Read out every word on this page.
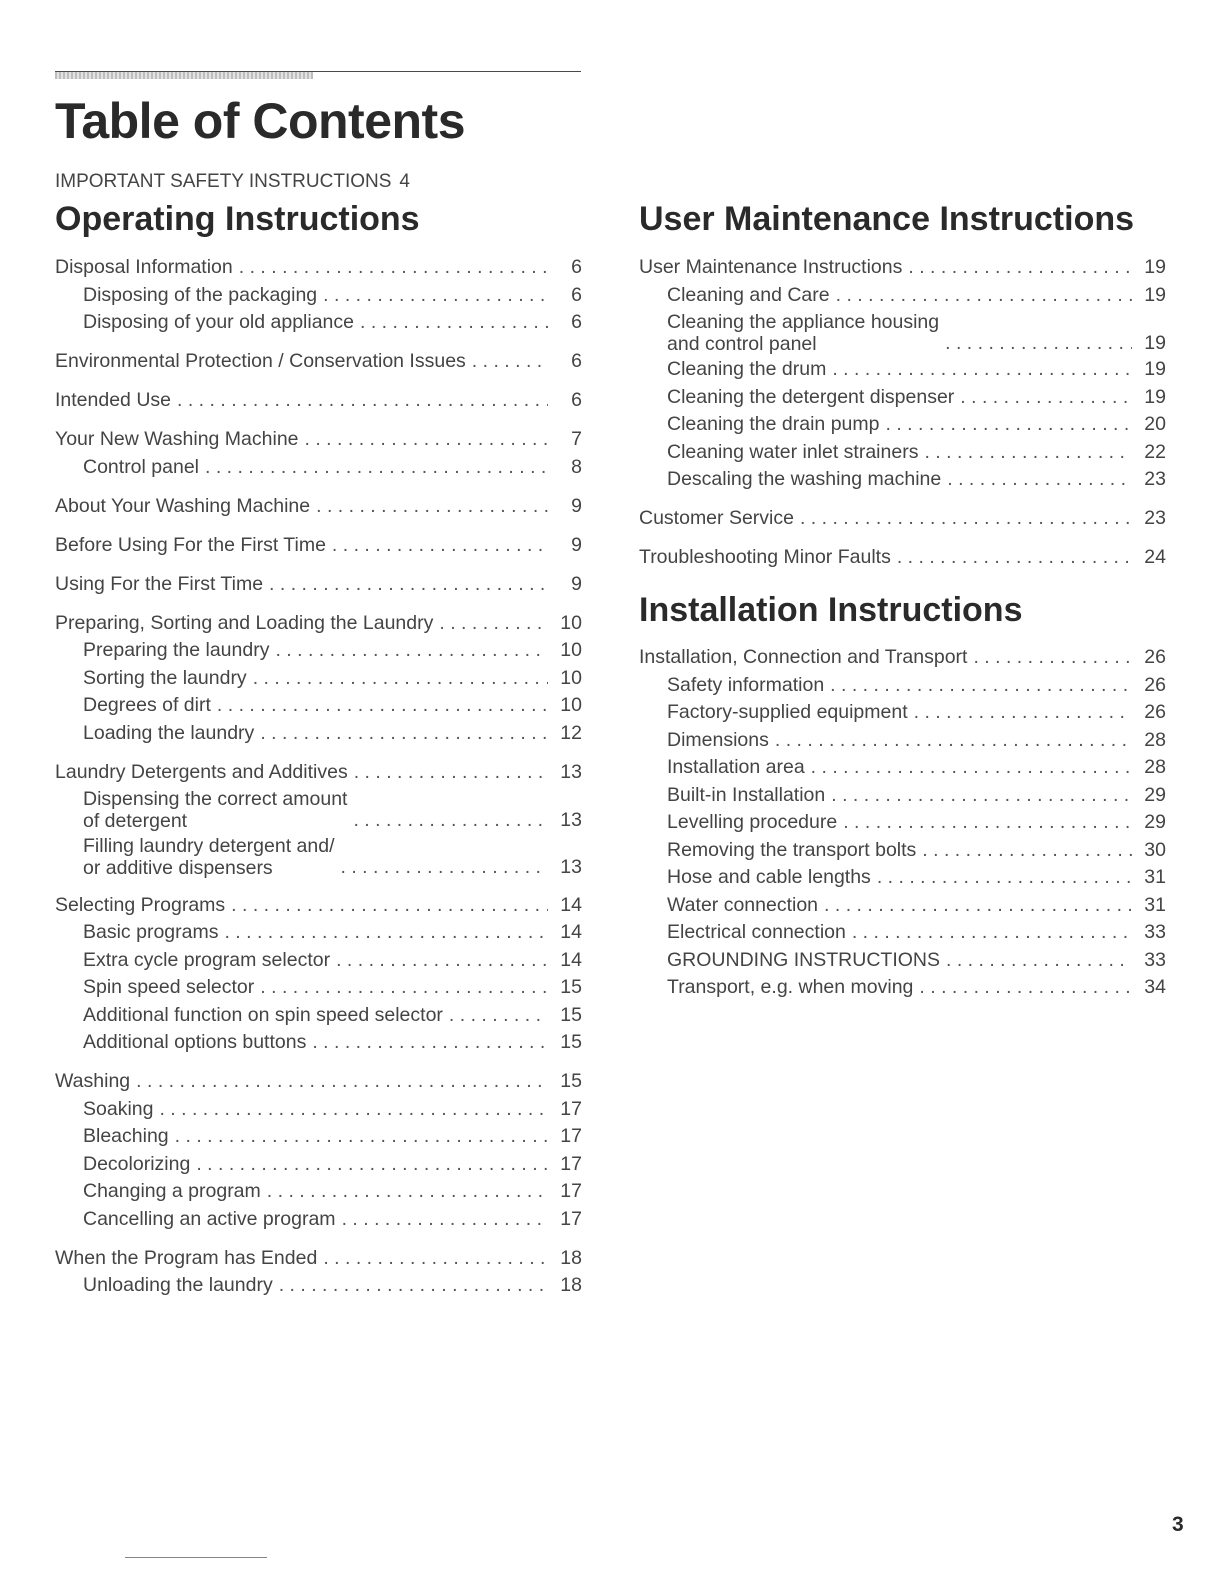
Table of Contents
IMPORTANT SAFETY INSTRUCTIONS 4
Operating Instructions	User Maintenance Instructions
Installation Instructions
Disposal Information . . .	6
Disposing of the packaging . . .	6
Disposing of your old appliance . . .	6
Environmental Protection / Conservation Issues . . .	6
Intended Use . . .	6
Your New Washing Machine . . .	7
Control panel . . .	8
About Your Washing Machine . . .	9
Before Using For the First Time . . .	9
Using For the First Time . . .	9
Preparing, Sorting and Loading the Laundry . . .	10
Preparing the laundry . . .	10
Sorting the laundry . . .	10
Degrees of dirt . . .	10
Loading the laundry . . .	12
Laundry Detergents and Additives . . .	13
Dispensing the correct amount
of detergent . . .	13
Filling laundry detergent and/
or additive dispensers . . .	13
Selecting Programs . . .	14
Basic programs . . .	14
Extra cycle program selector . . .	14
Spin speed selector . . .	15
Additional function on spin speed selector . . .	15
Additional options buttons . . .	15
Washing . . .	15
Soaking . . .	17
Bleaching . . .	17
Decolorizing . . .	17
Changing a program . . .	17
Cancelling an active program . . .	17
When the Program has Ended . . .	18
Unloading the laundry . . .	18
User Maintenance Instructions . . .	19
Cleaning and Care . . .	19
Cleaning the appliance housing
and control panel . . .	19
Cleaning the drum . . .	19
Cleaning the detergent dispenser . . .	19
Cleaning the drain pump . . .	20
Cleaning water inlet strainers . . .	22
Descaling the washing machine . . .	23
Customer Service . . .	23
Troubleshooting Minor Faults . . .	24
Installation, Connection and Transport . . .	26
Safety information . . .	26
Factory-supplied equipment . . .	26
Dimensions . . .	28
Installation area . . .	28
Built-in Installation . . .	29
Levelling procedure . . .	29
Removing the transport bolts . . .	30
Hose and cable lengths . . .	31
Water connection . . .	31
Electrical connection . . .	33
GROUNDING INSTRUCTIONS . . .	33
Transport, e.g. when moving . . .	34
3
